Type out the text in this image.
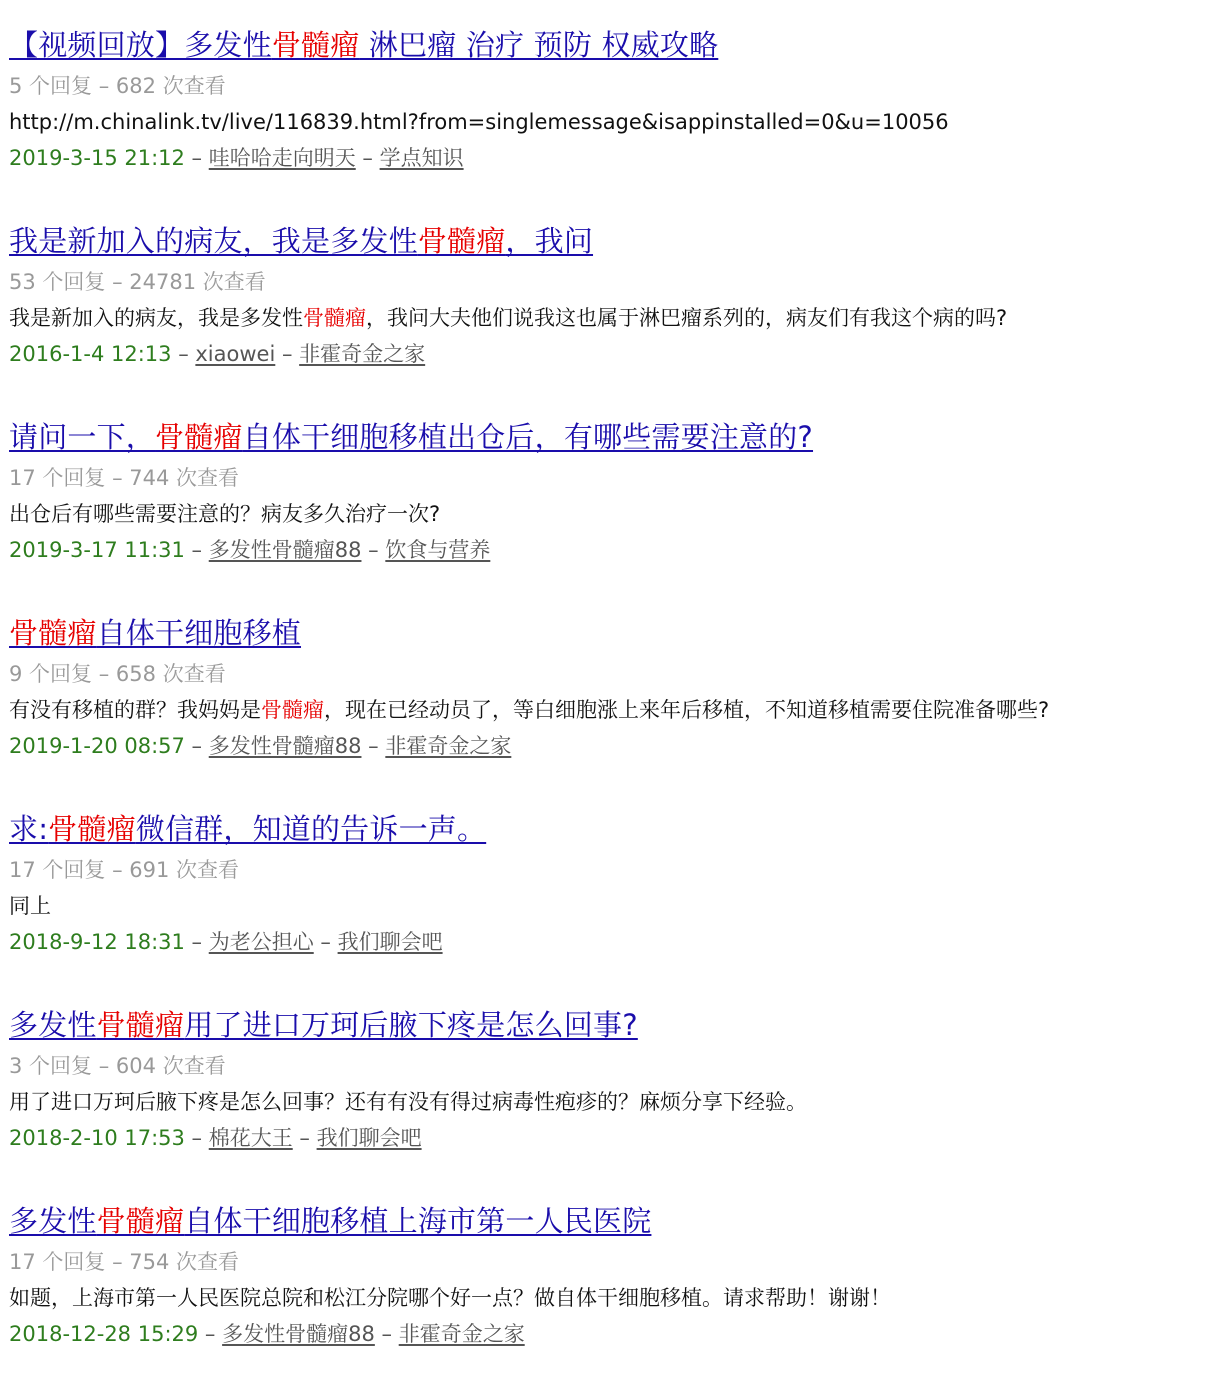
【视频回放】多发性骨髓瘤 淋巴瘤 治疗 预防 权威攻略
5 个回复 – 682 次查看
http://m.chinalink.tv/live/116839.html?from=singlemessage&isappinstalled=0&u=10056
2019-3-15 21:12 – 哇哈哈走向明天 – 学点知识
我是新加入的病友，我是多发性骨髓瘤，我问
53 个回复 – 24781 次查看
我是新加入的病友，我是多发性骨髓瘤，我问大夫他们说我这也属于淋巴瘤系列的，病友们有我这个病的吗?
2016-1-4 12:13 – xiaowei – 非霍奇金之家
请问一下，骨髓瘤自体干细胞移植出仓后，有哪些需要注意的?
17 个回复 – 744 次查看
出仓后有哪些需要注意的？病友多久治疗一次?
2019-3-17 11:31 – 多发性骨髓瘤88 – 饮食与营养
骨髓瘤自体干细胞移植
9 个回复 – 658 次查看
有没有移植的群？我妈妈是骨髓瘤，现在已经动员了，等白细胞涨上来年后移植，不知道移植需要住院准备哪些?
2019-1-20 08:57 – 多发性骨髓瘤88 – 非霍奇金之家
求:骨髓瘤微信群，知道的告诉一声。
17 个回复 – 691 次查看
同上
2018-9-12 18:31 – 为老公担心 – 我们聊会吧
多发性骨髓瘤用了进口万珂后腋下疼是怎么回事?
3 个回复 – 604 次查看
用了进口万珂后腋下疼是怎么回事？还有有没有得过病毒性疱疹的？麻烦分享下经验。
2018-2-10 17:53 – 棉花大王 – 我们聊会吧
多发性骨髓瘤自体干细胞移植上海市第一人民医院
17 个回复 – 754 次查看
如题，上海市第一人民医院总院和松江分院哪个好一点？做自体干细胞移植。请求帮助！谢谢！
2018-12-28 15:29 – 多发性骨髓瘤88 – 非霍奇金之家
